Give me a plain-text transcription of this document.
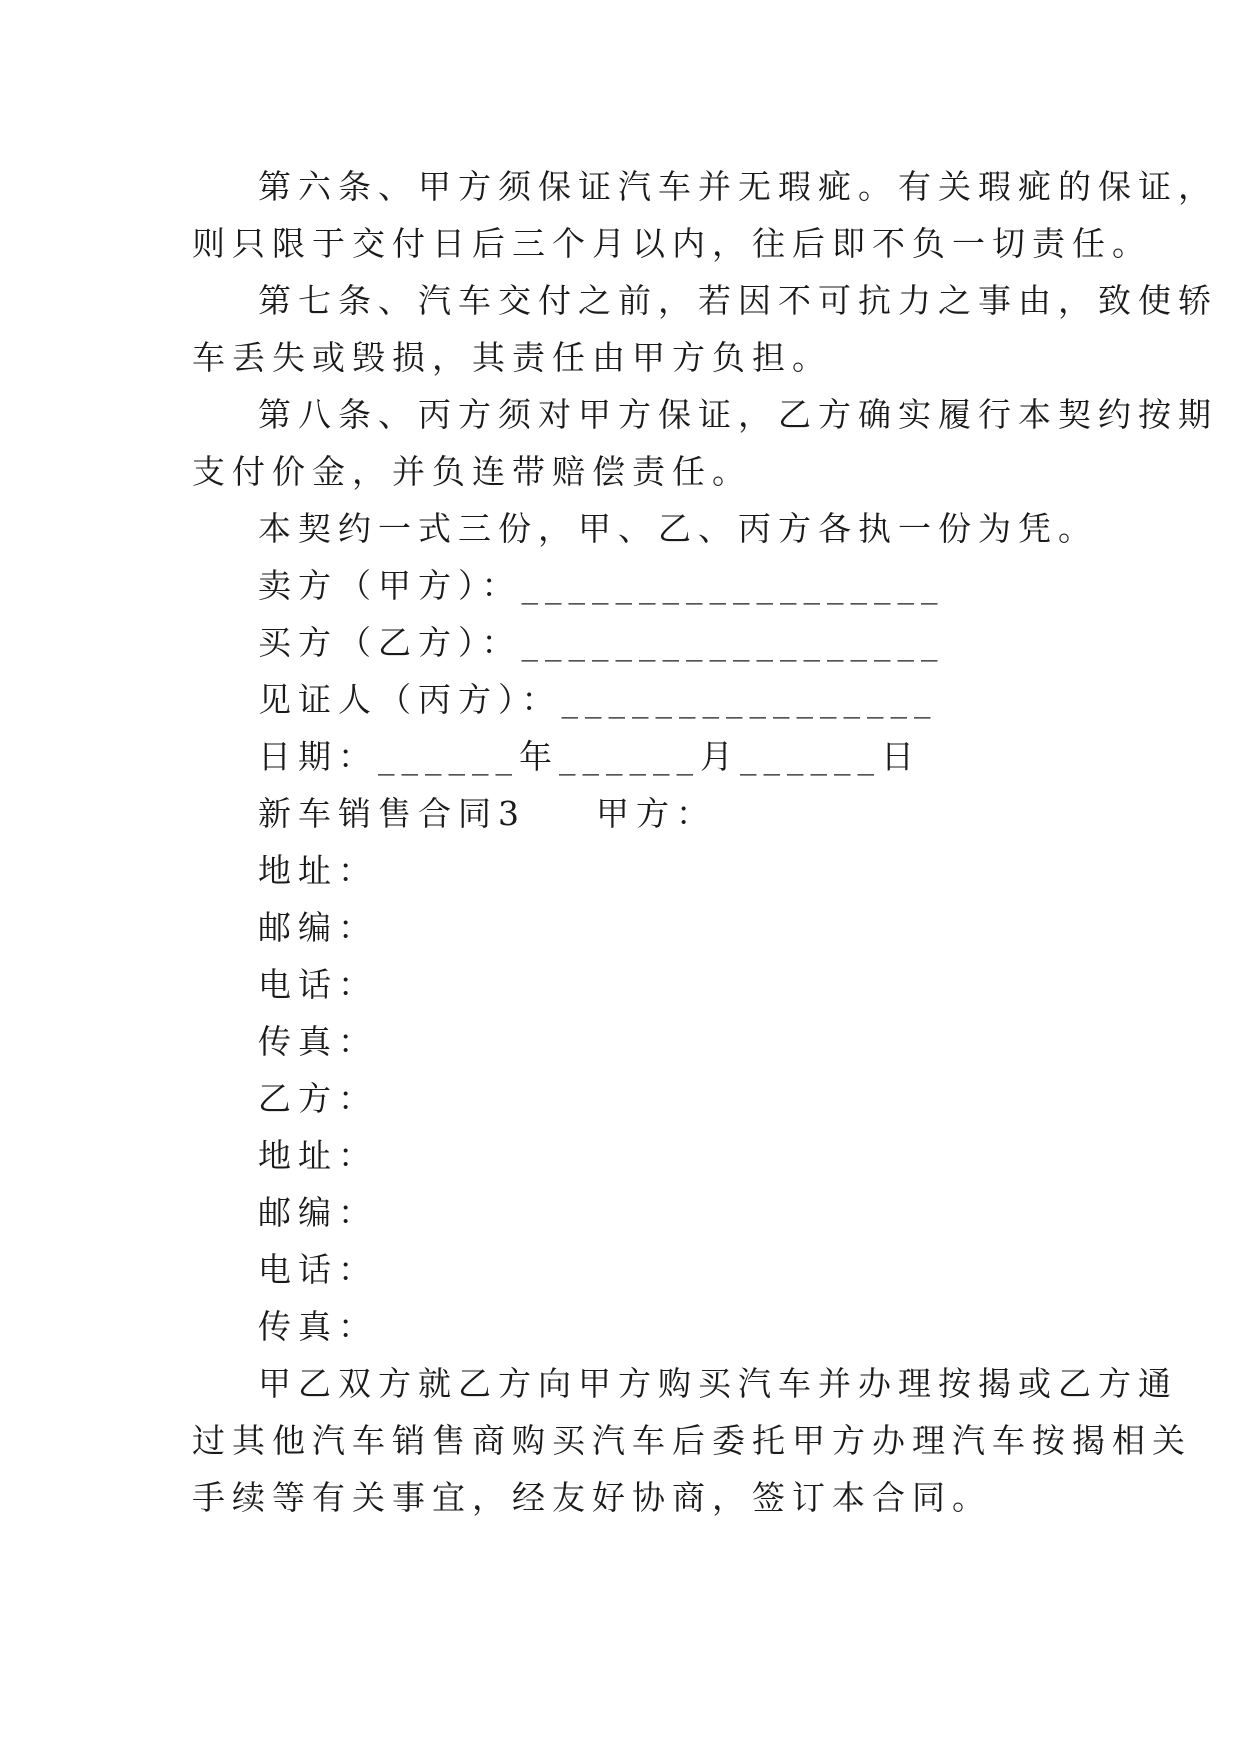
第六条、甲方须保证汽车并无瑕疵。有关瑕疵的保证，
则只限于交付日后三个月以内，往后即不负一切责任。
第七条、汽车交付之前，若因不可抗力之事由，致使轿
车丢失或毁损，其责任由甲方负担。
第八条、丙方须对甲方保证，乙方确实履行本契约按期
支付价金，并负连带赔偿责任。
本契约一式三份，甲、乙、丙方各执一份为凭。
卖方（甲方）：__________________
买方（乙方）：__________________
见证人（丙方）：________________
日期：______年______月______日
新车销售合同3    甲方：
地址：
邮编：
电话：
传真：
乙方：
地址：
邮编：
电话：
传真：
甲乙双方就乙方向甲方购买汽车并办理按揭或乙方通
过其他汽车销售商购买汽车后委托甲方办理汽车按揭相关
手续等有关事宜，经友好协商，签订本合同。
